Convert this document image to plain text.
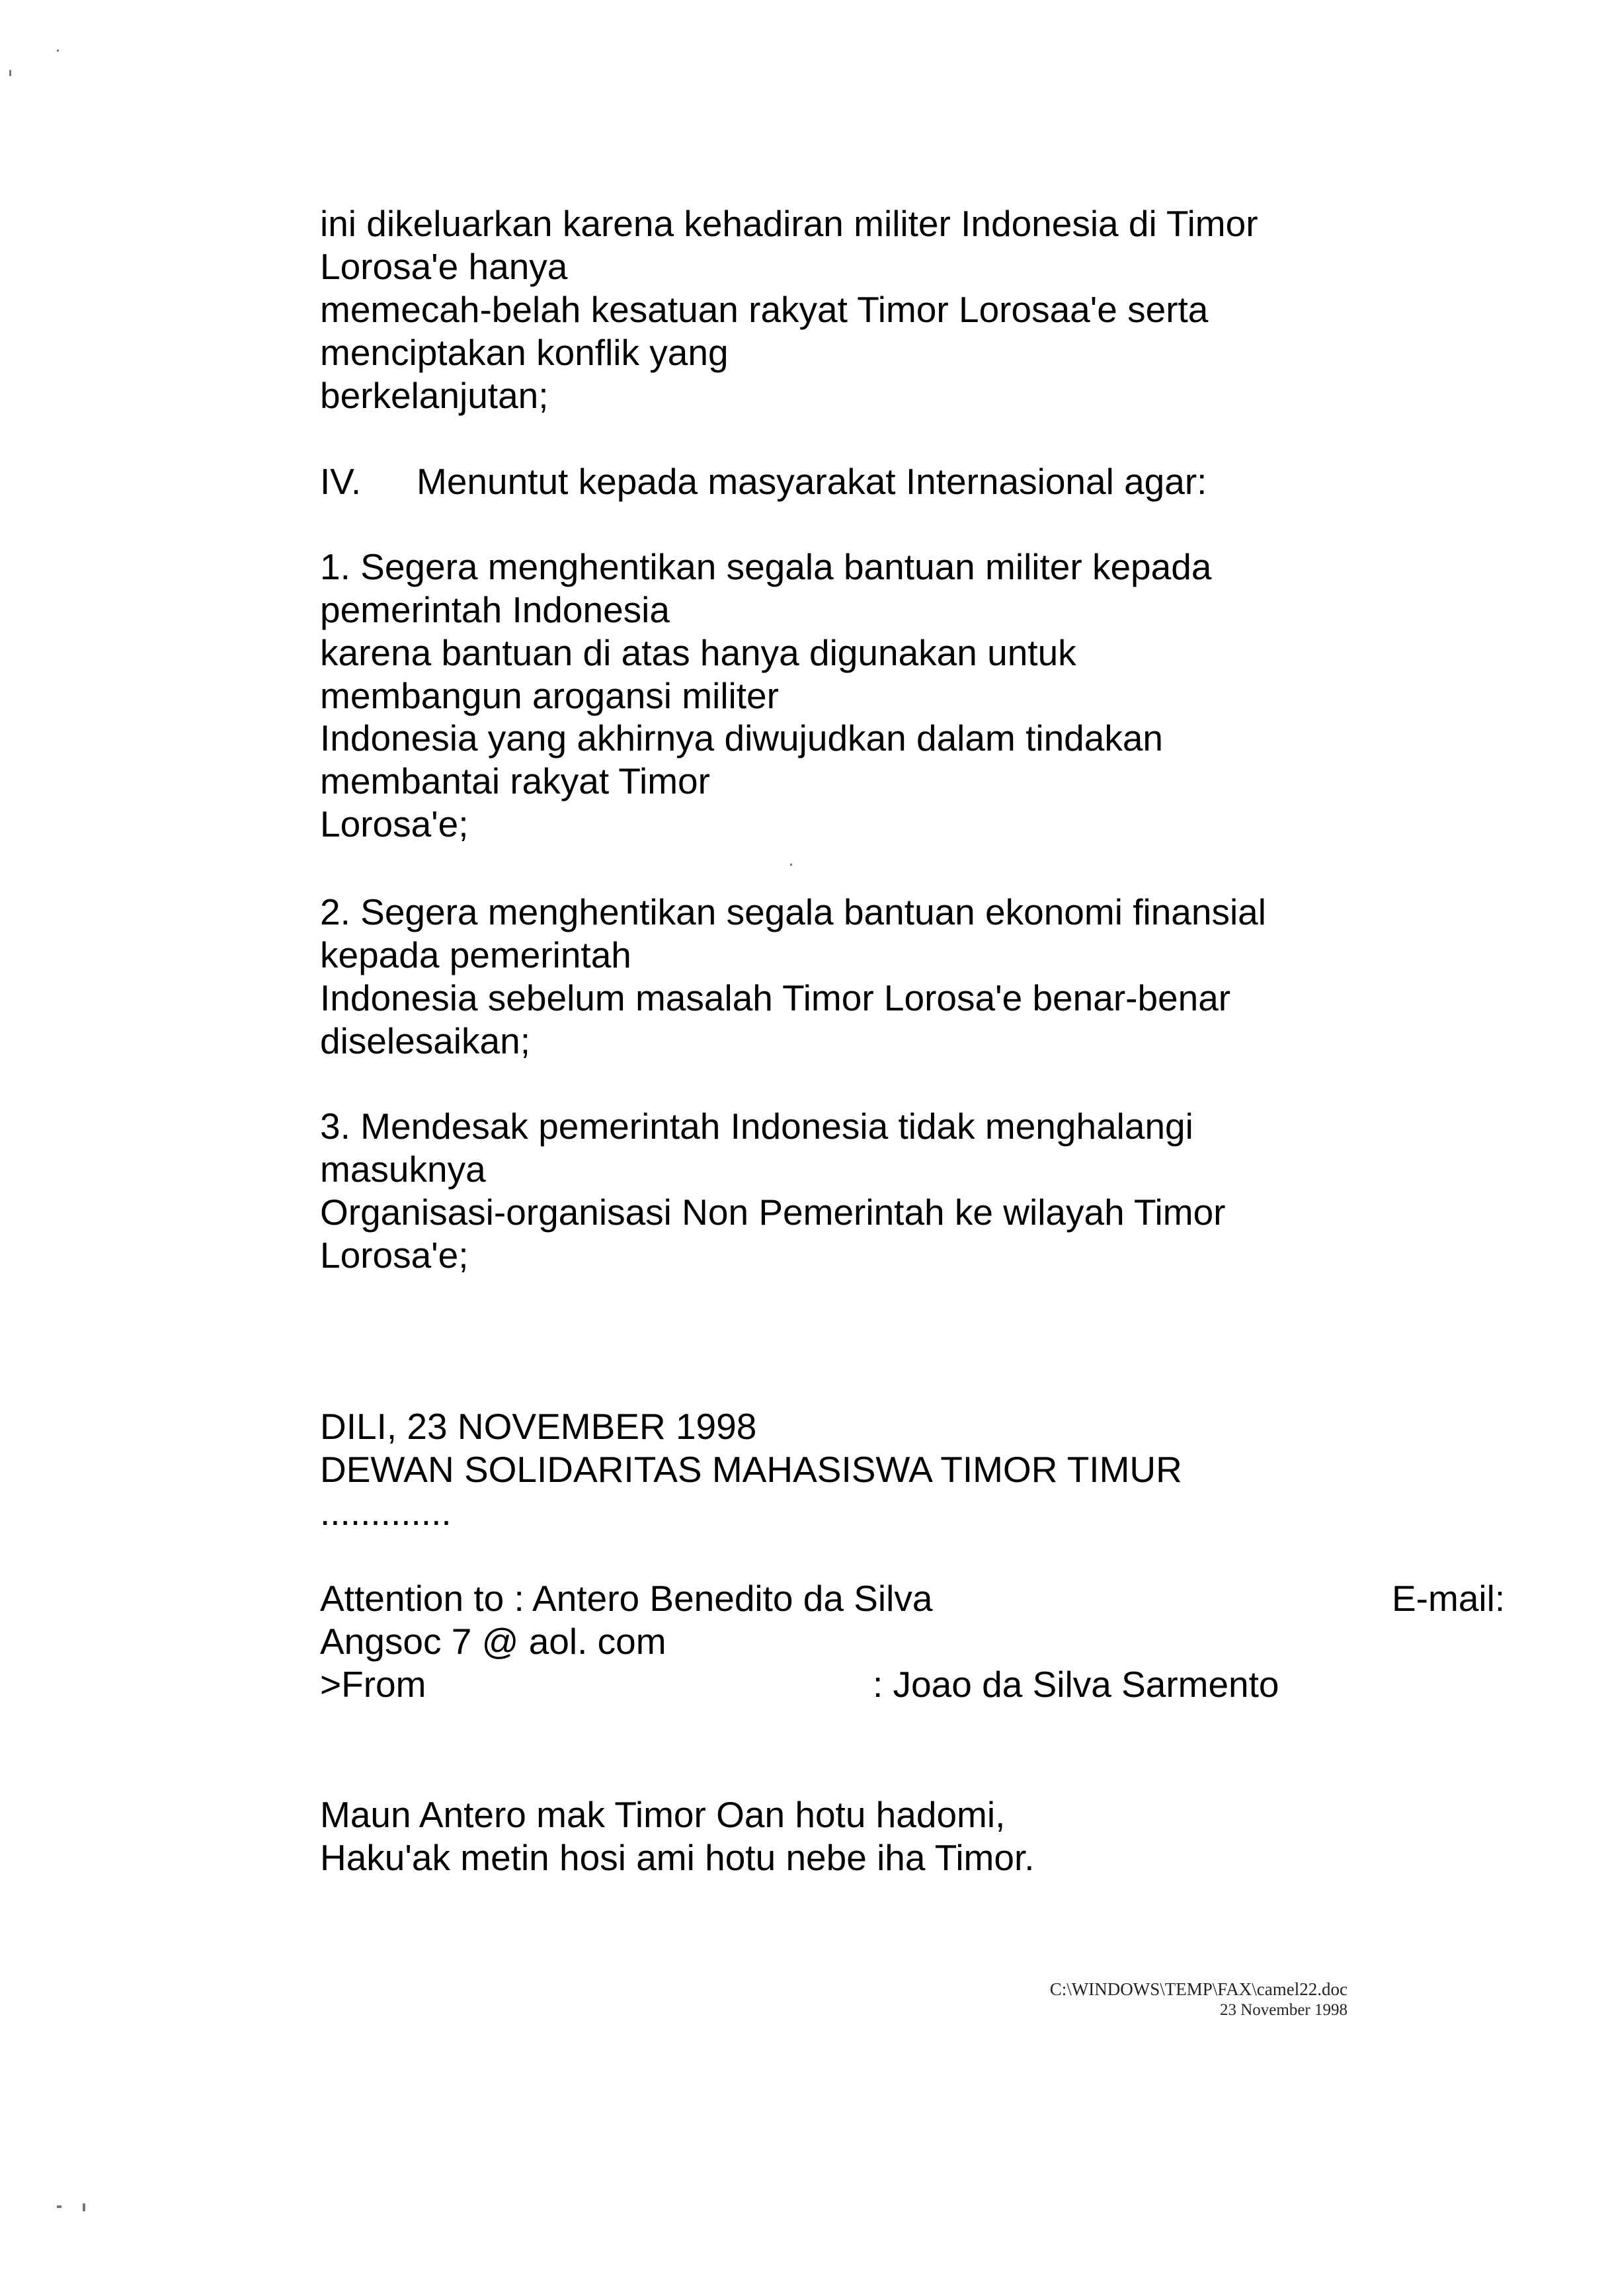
ini dikeluarkan karena kehadiran militer Indonesia di Timor

Lorosa'e hanya

memecah-belah kesatuan rakyat Timor Lorosaa'e serta

menciptakan konflik yang

berkelanjutan;

IV. Menuntut kepada masyarakat Internasional agar:

1. Segera menghentikan segala bantuan militer kepada

pemerintah Indonesia

karena bantuan di atas hanya digunakan untuk

membangun arogansi militer

Indonesia yang akhirnya diwujudkan dalam tindakan

membantai rakyat Timor

Lorosa'e;

2. Segera menghentikan segala bantuan ekonomi finansial

kepada pemerintah

Indonesia sebelum masalah Timor Lorosa'e benar-benar

diselesaikan;

3. Mendesak pemerintah Indonesia tidak menghalangi

masuknya

Organisasi-organisasi Non Pemerintah ke wilayah Timor

Lorosa'e;

DILI, 23 NOVEMBER 1998

DEWAN SOLIDARITAS MAHASISWA TIMOR TIMUR

.............

Attention to : Antero Benedito da Silva	E-mail:

Angsoc 7 @ aol. com

>From	: Joao da Silva Sarmento

Maun Antero mak Timor Oan hotu hadomi,

Haku'ak metin hosi ami hotu nebe iha Timor.

C:\WINDOWS\TEMP\FAX\camel22.doc

23 November 1998
